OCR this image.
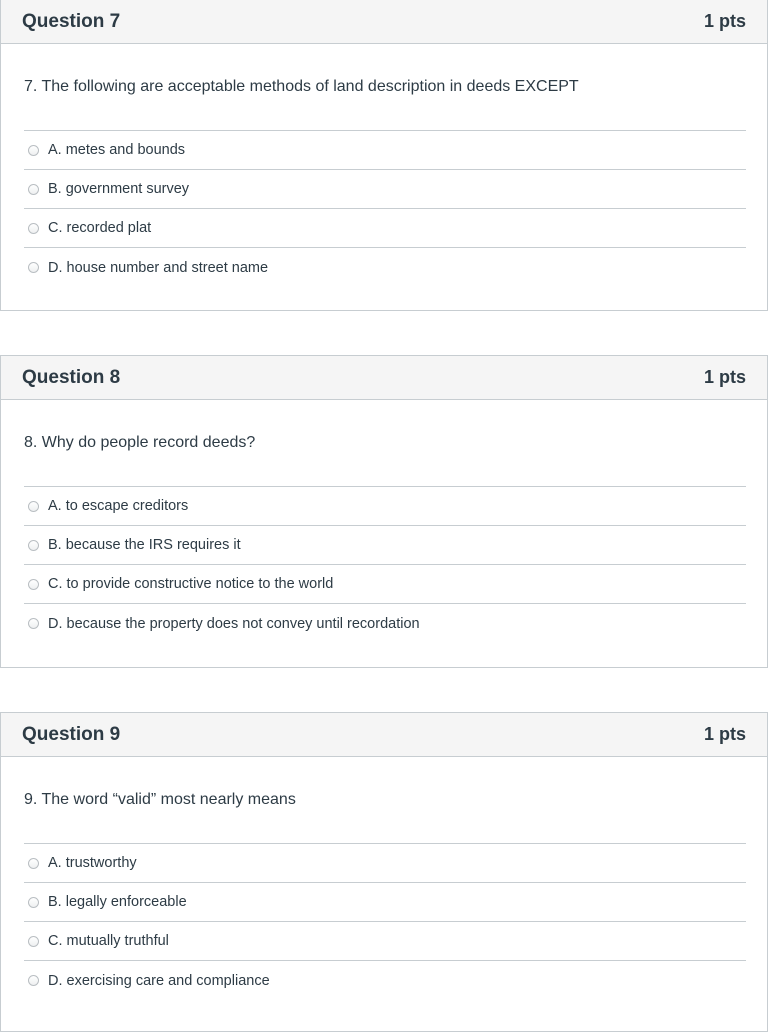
Question 7	1 pts
7. The following are acceptable methods of land description in deeds EXCEPT
A. metes and bounds
B. government survey
C. recorded plat
D. house number and street name
Question 8	1 pts
8. Why do people record deeds?
A. to escape creditors
B. because the IRS requires it
C. to provide constructive notice to the world
D. because the property does not convey until recordation
Question 9	1 pts
9. The word “valid” most nearly means
A. trustworthy
B. legally enforceable
C. mutually truthful
D. exercising care and compliance
